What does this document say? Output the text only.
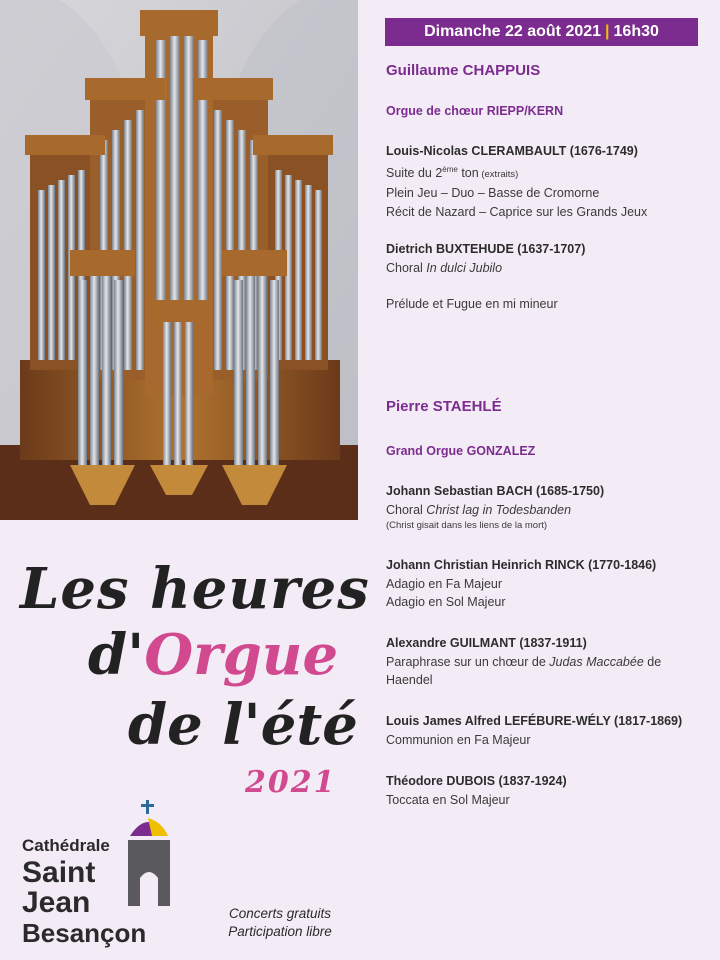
Dimanche 22 août 2021 | 16h30
Guillaume CHAPPUIS
Orgue de chœur RIEPP/KERN
Louis-Nicolas CLERAMBAULT (1676-1749)
Suite du 2ème ton (extraits)
Plein Jeu – Duo – Basse de Cromorne
Récit de Nazard – Caprice sur les Grands Jeux
Dietrich BUXTEHUDE (1637-1707)
Choral In dulci Jubilo
Prélude et Fugue en mi mineur
Pierre STAEHLÉ
Grand Orgue GONZALEZ
Johann Sebastian BACH (1685-1750)
Choral Christ lag in Todesbanden
(Christ gisait dans les liens de la mort)
Johann Christian Heinrich RINCK (1770-1846)
Adagio en Fa Majeur
Adagio en Sol Majeur
Alexandre GUILMANT (1837-1911)
Paraphrase sur un chœur de Judas Maccabée de
Haendel
Louis James Alfred LEFÉBURE-WÉLY (1817-1869)
Communion en Fa Majeur
Théodore DUBOIS (1837-1924)
Toccata en Sol Majeur
Les heures
d'Orgue
de l'été
2021
Cathédrale
Saint
Jean
Besançon
Concerts gratuits
Participation libre
